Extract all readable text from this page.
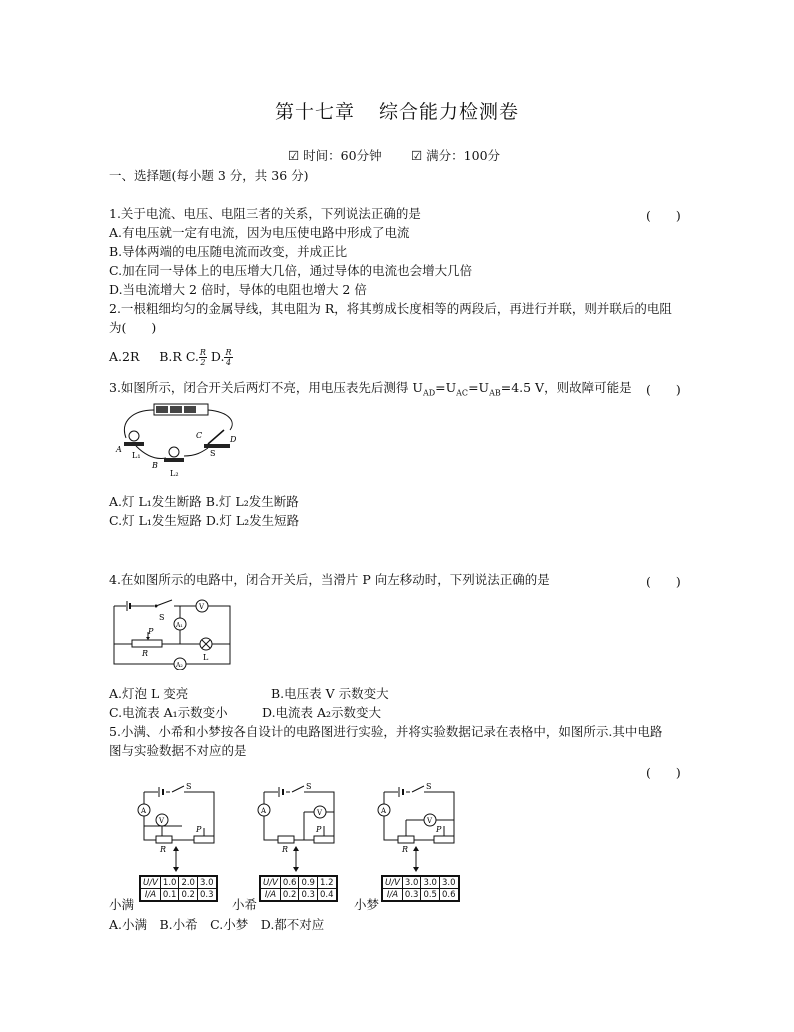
第十七章 综合能力检测卷
☑ 时间：60分钟 ☑ 满分：100分
一、选择题(每小题 3 分，共 36 分)
1.关于电流、电压、电阻三者的关系，下列说法正确的是	(　　)
A.有电压就一定有电流，因为电压使电路中形成了电流
B.导体两端的电压随电流而改变，并成正比
C.加在同一导体上的电压增大几倍，通过导体的电流也会增大几倍
D.当电流增大 2 倍时，导体的电阻也增大 2 倍
2.一根粗细均匀的金属导线，其电阻为 R，将其剪成长度相等的两段后，再进行并联，则并联后的电阻
为(　　)
A.2R B.R C. $\frac{R}{2} D$. $\frac{R}{4}$
3.如图所示，闭合开关后两灯不亮，用电压表先后测得 $U_{AD}=U_{AC}=U_{AB}=4.5$ V，则故障可能是 (　　)
A
B
C	D
S
L₁
L₂
A.灯 L₁发生断路 B.灯 L₂发生断路
C.灯 L₁发生短路 D.灯 L₂发生短路
4.在如图所示的电路中，闭合开关后，当滑片 P 向左移动时，下列说法正确的是	(　　)
S
V
A₁
P
R	L
A₂
A.灯泡 L 变亮	B.电压表 V 示数变大
C.电流表 A₁示数变小	D.电流表 A₂示数变大
5.小满、小希和小梦按各自设计的电路图进行实验，并将实验数据记录在表格中，如图所示.其中电路
图与实验数据不对应的是
(　　)
S
A
V
R
P
S
A	V
R
P
S
A
V
R
P
U/V	1.0	2.0	3.0
I/A	0.1	0.2	0.3
U/V	0.6	0.9	1.2
I/A	0.2	0.3	0.4
U/V	3.0	3.0	3.0
I/A	0.3	0.5	0.6
小满	小希	小梦
A.小满　B.小希　C.小梦　D.都不对应
